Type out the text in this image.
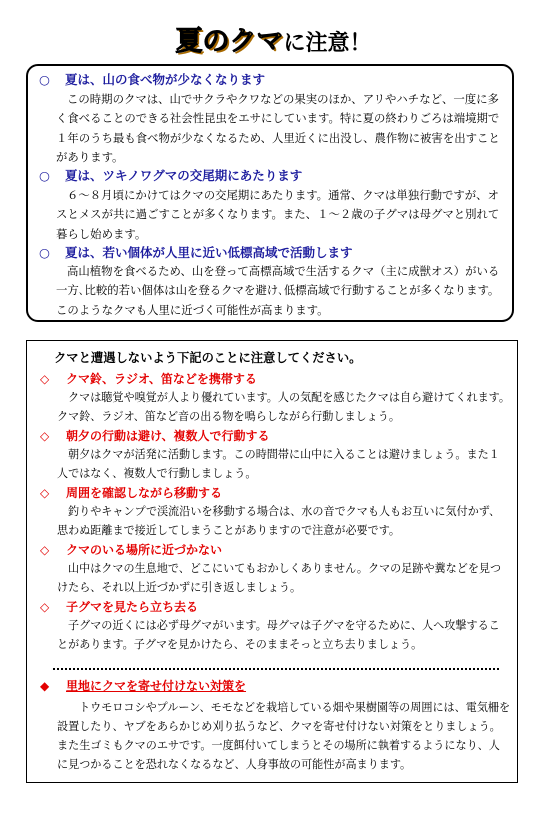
夏のクマに注意！
○ 夏は、山の食べ物が少なくなります
この時期のクマは、山でサクラやクワなどの果実のほか、アリやハチなど、一度に多
く食べることのできる社会性昆虫をエサにしています。特に夏の終わりごろは端境期で
１年のうち最も食べ物が少なくなるため、人里近くに出没し、農作物に被害を出すこと
があります。
○ 夏は、ツキノワグマの交尾期にあたります
６～８月頃にかけてはクマの交尾期にあたります。通常、クマは単独行動ですが、オ
スとメスが共に過ごすことが多くなります。また、１～２歳の子グマは母グマと別れて
暮らし始めます。
○ 夏は、若い個体が人里に近い低標高域で活動します
高山植物を食べるため、山を登って高標高域で生活するクマ（主に成獣オス）がいる
一方､比較的若い個体は山を登るクマを避け､低標高域で行動することが多くなります。
このようなクマも人里に近づく可能性が高まります。
クマと遭遇しないよう下記のことに注意してください。
◇ クマ鈴、ラジオ、笛などを携帯する
クマは聴覚や嗅覚が人より優れています。人の気配を感じたクマは自ら避けてくれます。
クマ鈴、ラジオ、笛など音の出る物を鳴らしながら行動しましょう。
◇ 朝夕の行動は避け、複数人で行動する
朝夕はクマが活発に活動します。この時間帯に山中に入ることは避けましょう。また１
人ではなく、複数人で行動しましょう。
◇ 周囲を確認しながら移動する
釣りやキャンプで渓流沿いを移動する場合は、水の音でクマも人もお互いに気付かず、
思わぬ距離まで接近してしまうことがありますので注意が必要です。
◇ クマのいる場所に近づかない
山中はクマの生息地で、どこにいてもおかしくありません。クマの足跡や糞などを見つ
けたら、それ以上近づかずに引き返しましょう。
◇ 子グマを見たら立ち去る
子グマの近くには必ず母グマがいます。母グマは子グマを守るために、人へ攻撃するこ
とがあります。子グマを見かけたら、そのままそっと立ち去りましょう。
◆ 里地にクマを寄せ付けない対策を
トウモロコシやプルーン、モモなどを栽培している畑や果樹園等の周囲には、電気柵を
設置したり、ヤブをあらかじめ刈り払うなど、クマを寄せ付けない対策をとりましょう。
また生ゴミもクマのエサです。一度餌付いてしまうとその場所に執着するようになり、人
に見つかることを恐れなくなるなど、人身事故の可能性が高まります。
